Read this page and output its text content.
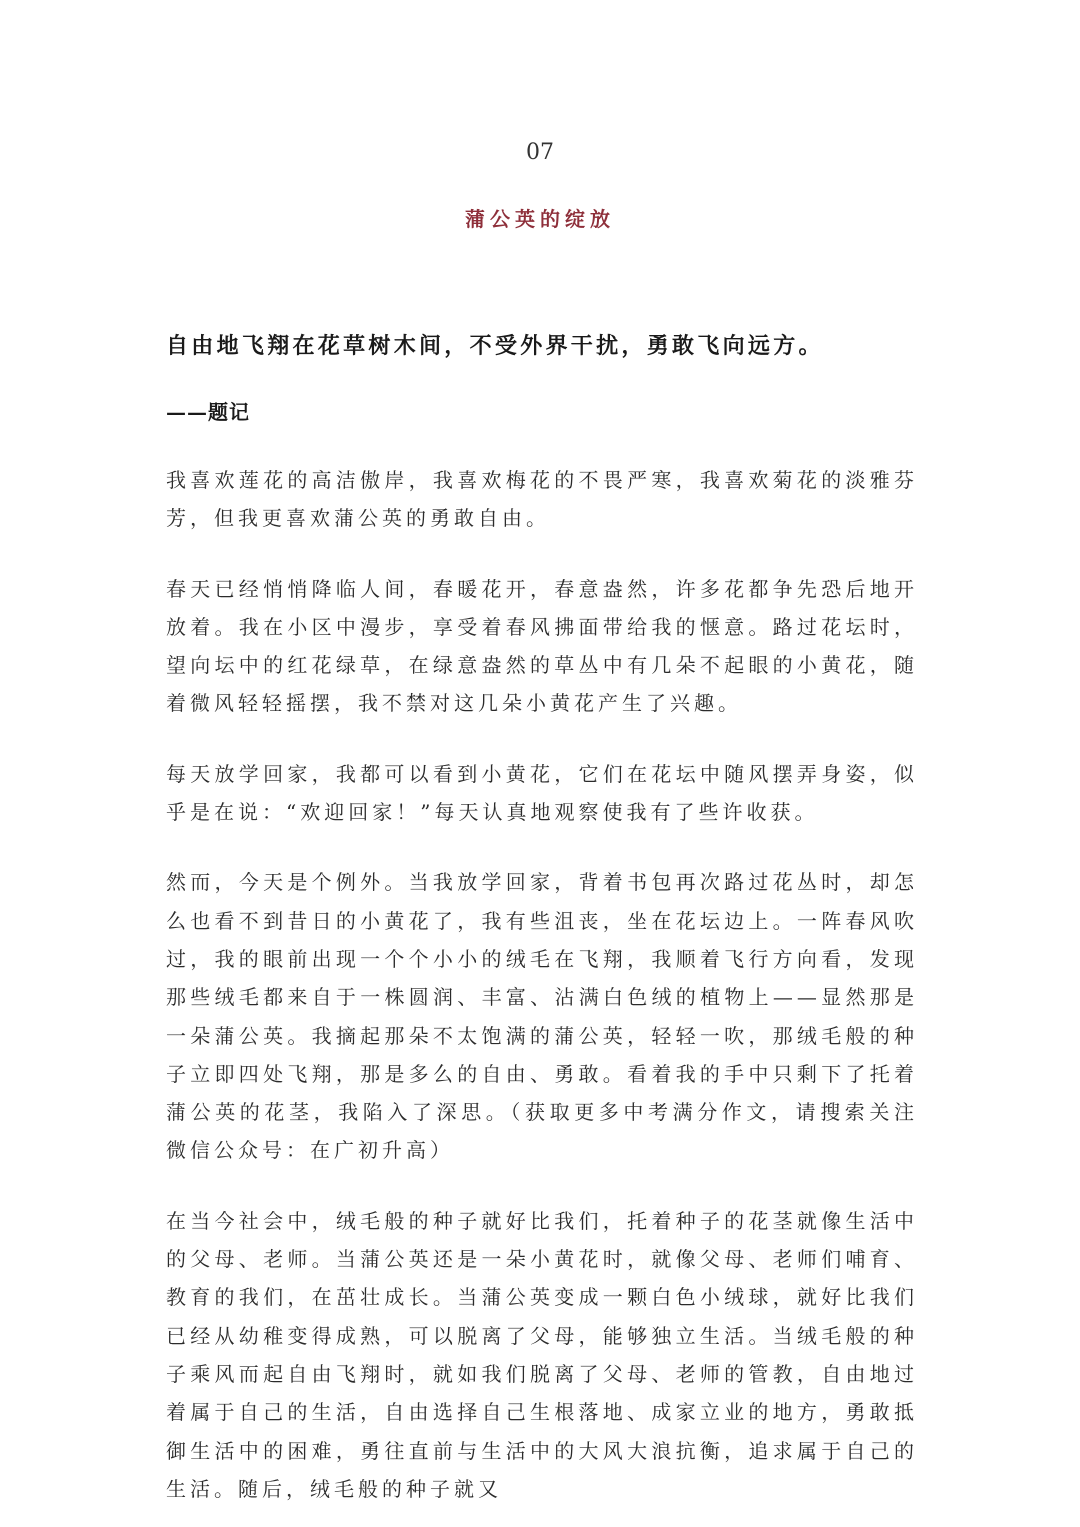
07
蒲公英的绽放

自由地飞翔在花草树木间，不受外界干扰，勇敢飞向远方。

——题记

我喜欢莲花的高洁傲岸，我喜欢梅花的不畏严寒，我喜欢菊花的淡雅芬芳，但我更喜欢蒲公英的勇敢自由。

春天已经悄悄降临人间，春暖花开，春意盎然，许多花都争先恐后地开放着。我在小区中漫步，享受着春风拂面带给我的惬意。路过花坛时，望向坛中的红花绿草，在绿意盎然的草丛中有几朵不起眼的小黄花，随着微风轻轻摇摆，我不禁对这几朵小黄花产生了兴趣。

每天放学回家，我都可以看到小黄花，它们在花坛中随风摆弄身姿，似乎是在说：“欢迎回家！”每天认真地观察使我有了些许收获。

然而，今天是个例外。当我放学回家，背着书包再次路过花丛时，却怎么也看不到昔日的小黄花了，我有些沮丧，坐在花坛边上。一阵春风吹过，我的眼前出现一个个小小的绒毛在飞翔，我顺着飞行方向看，发现那些绒毛都来自于一株圆润、丰富、沾满白色绒的植物上——显然那是一朵蒲公英。我摘起那朵不太饱满的蒲公英，轻轻一吹，那绒毛般的种子立即四处飞翔，那是多么的自由、勇敢。看着我的手中只剩下了托着蒲公英的花茎，我陷入了深思。（获取更多中考满分作文，请搜索关注微信公众号：在广初升高）

在当今社会中，绒毛般的种子就好比我们，托着种子的花茎就像生活中的父母、老师。当蒲公英还是一朵小黄花时，就像父母、老师们哺育、教育的我们，在茁壮成长。当蒲公英变成一颗白色小绒球，就好比我们已经从幼稚变得成熟，可以脱离了父母，能够独立生活。当绒毛般的种子乘风而起自由飞翔时，就如我们脱离了父母、老师的管教，自由地过着属于自己的生活，自由选择自己生根落地、成家立业的地方，勇敢抵御生活中的困难，勇往直前与生活中的大风大浪抗衡，追求属于自己的生活。随后，绒毛般的种子就又
